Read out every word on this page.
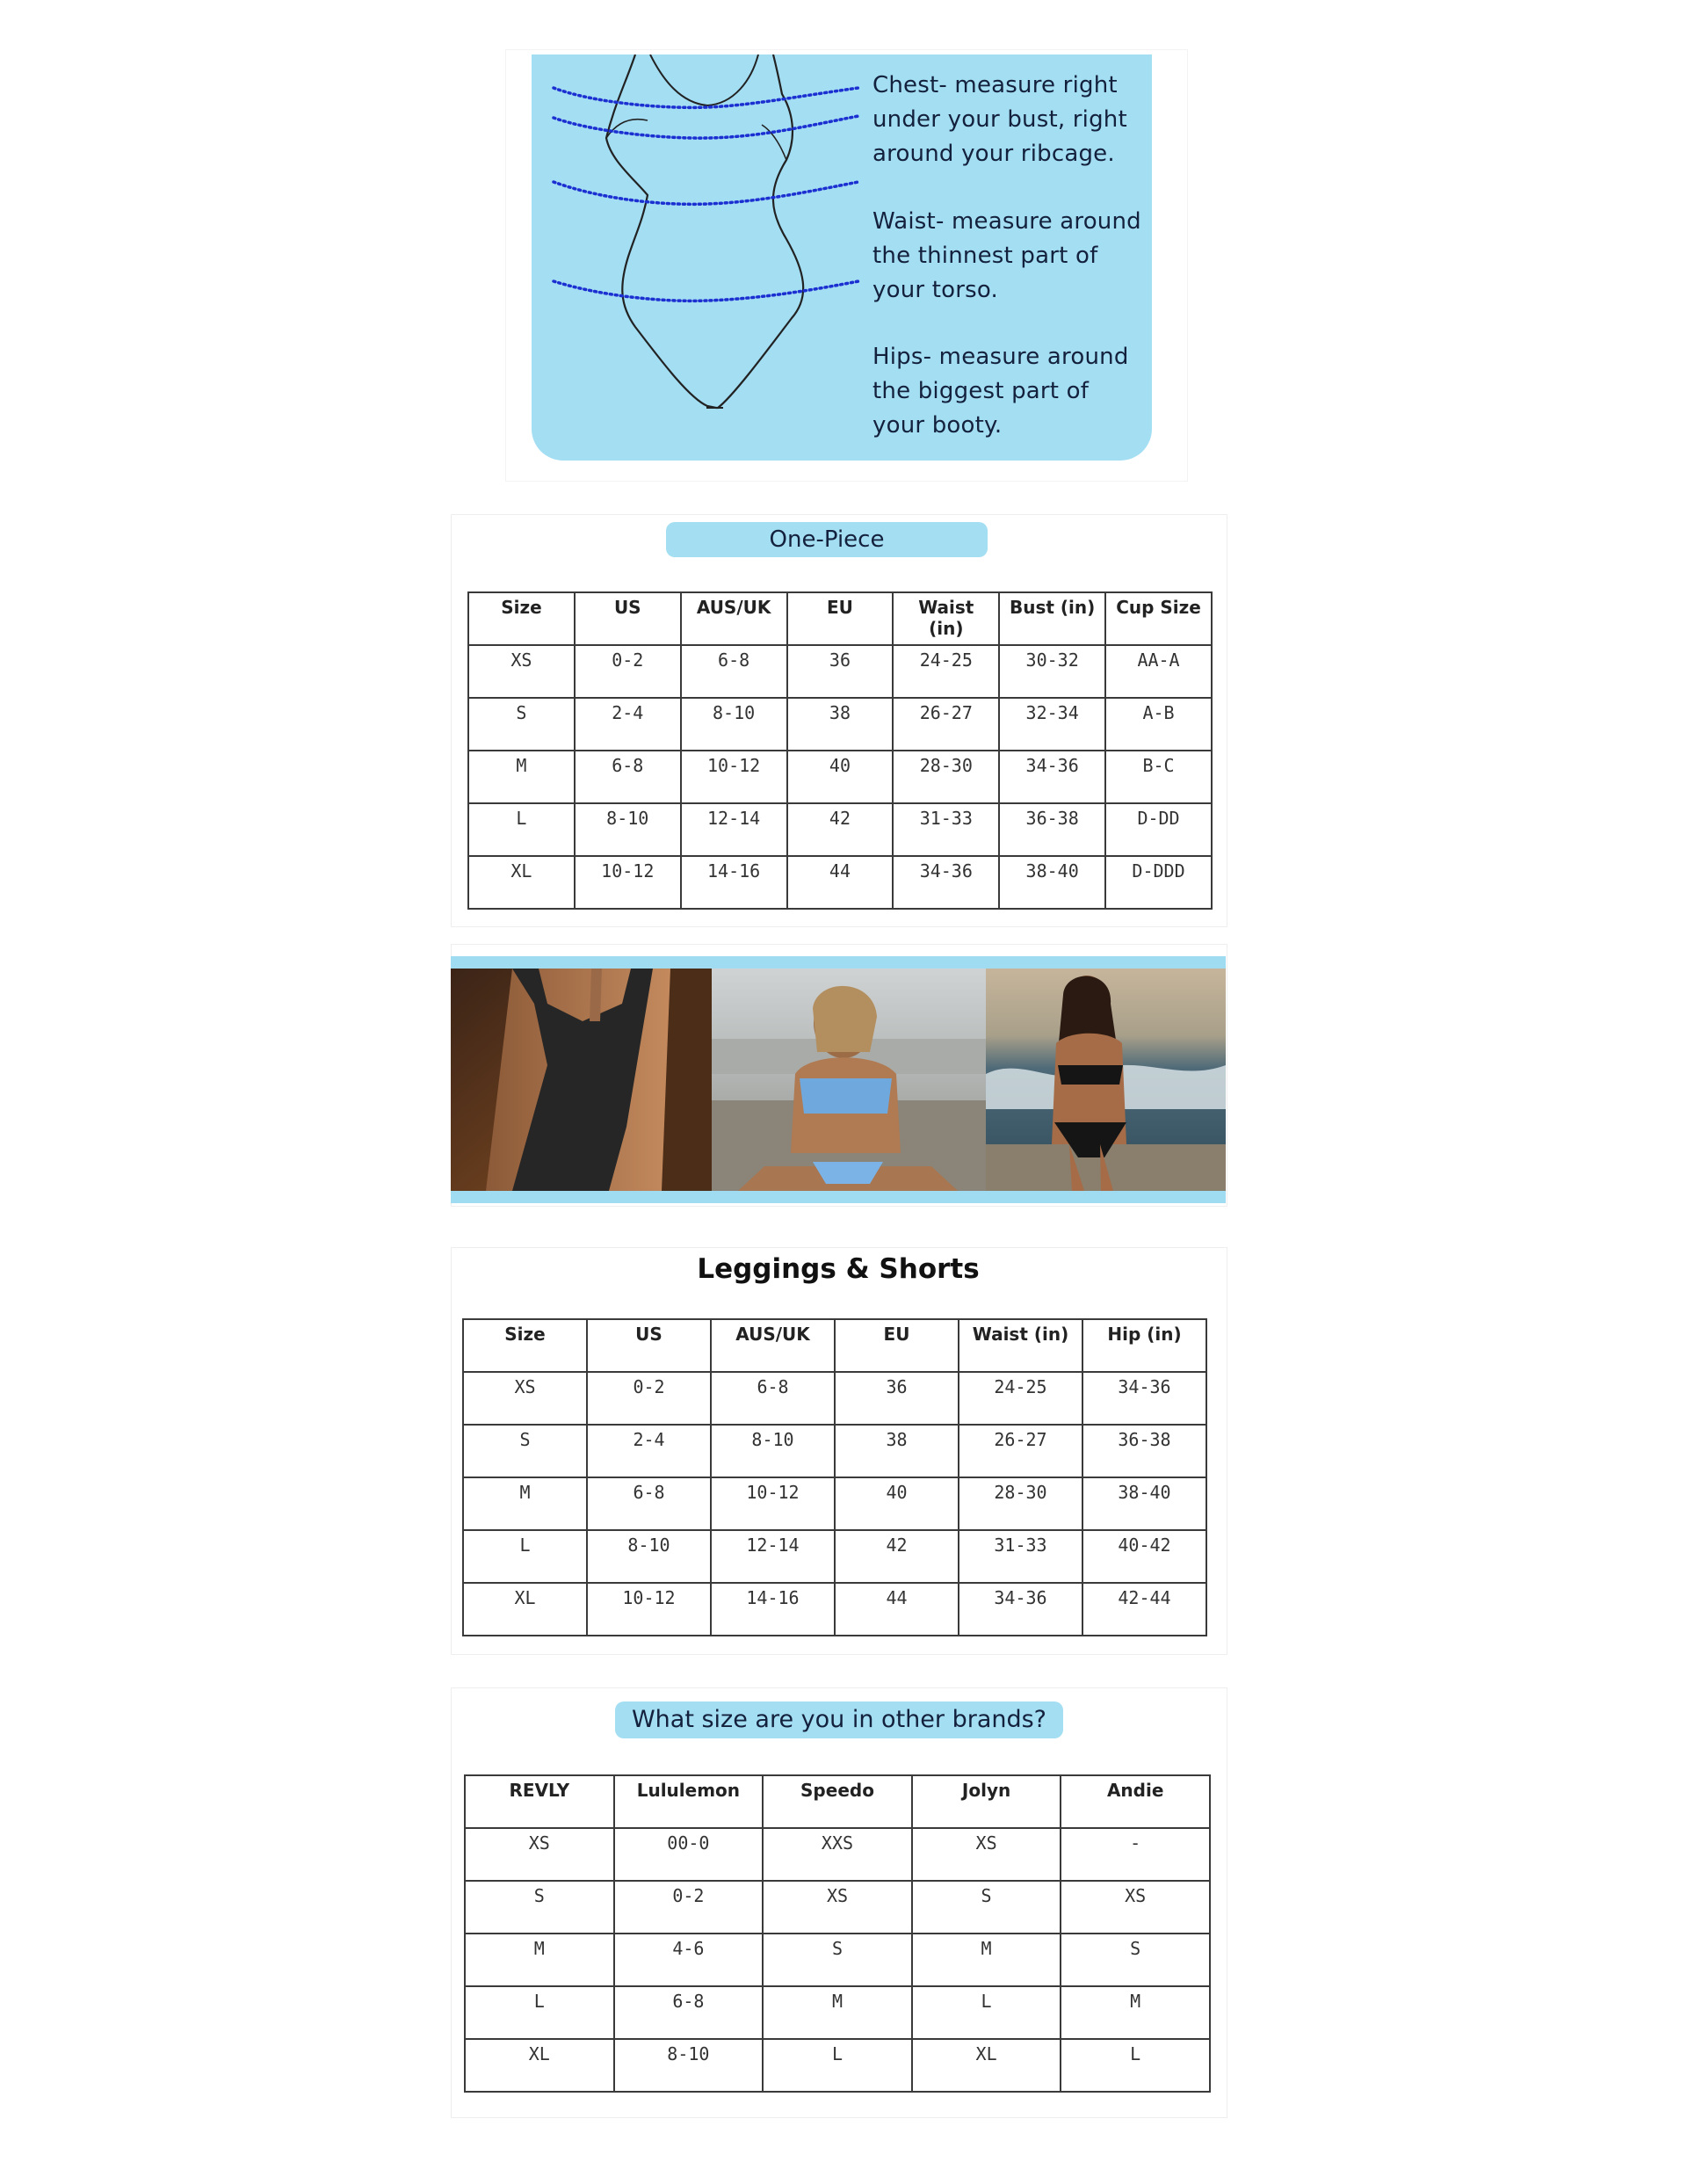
Chest- measure right under your bust, right around your ribcage.
Waist- measure around the thinnest part of your torso.
Hips- measure around the biggest part of your booty.
One-Piece
Size	US	AUS/UK	EU	Waist (in)	Bust (in)	Cup Size
XS	0-2	6-8	36	24-25	30-32	AA-A
S	2-4	8-10	38	26-27	32-34	A-B
M	6-8	10-12	40	28-30	34-36	B-C
L	8-10	12-14	42	31-33	36-38	D-DD
XL	10-12	14-16	44	34-36	38-40	D-DDD
Leggings & Shorts
Size	US	AUS/UK	EU	Waist (in)	Hip (in)
XS	0-2	6-8	36	24-25	34-36
S	2-4	8-10	38	26-27	36-38
M	6-8	10-12	40	28-30	38-40
L	8-10	12-14	42	31-33	40-42
XL	10-12	14-16	44	34-36	42-44
What size are you in other brands?
REVLY	Lululemon	Speedo	Jolyn	Andie
XS	00-0	XXS	XS	-
S	0-2	XS	S	XS
M	4-6	S	M	S
L	6-8	M	L	M
XL	8-10	L	XL	L
